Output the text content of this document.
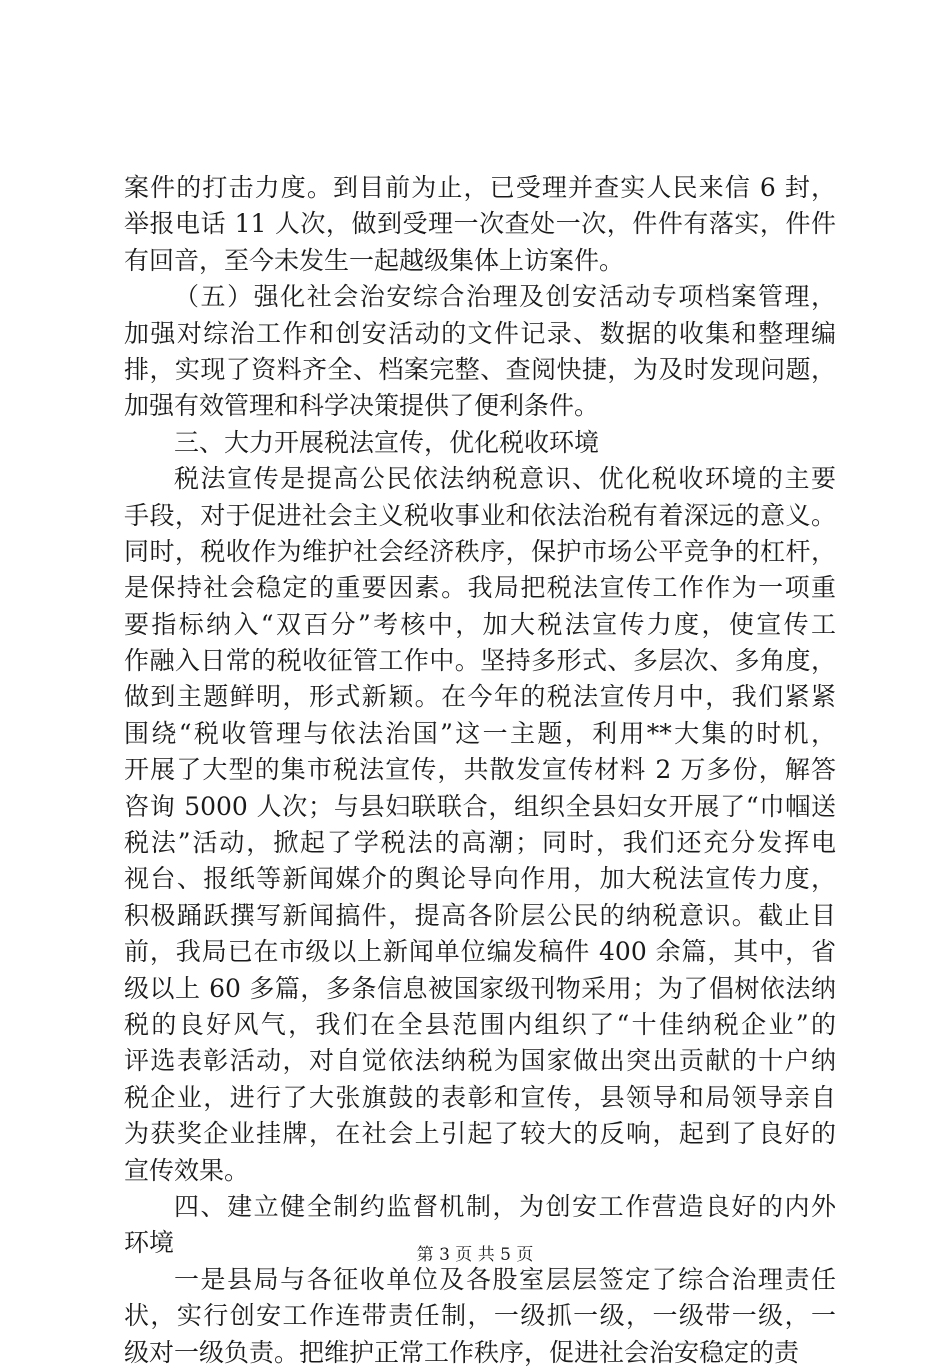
案件的打击力度。到目前为止，已受理并查实人民来信 6 封，
举报电话 11 人次，做到受理一次查处一次，件件有落实，件件
有回音，至今未发生一起越级集体上访案件。
（五）强化社会治安综合治理及创安活动专项档案管理，
加强对综治工作和创安活动的文件记录、数据的收集和整理编
排，实现了资料齐全、档案完整、查阅快捷，为及时发现问题，
加强有效管理和科学决策提供了便利条件。
三、大力开展税法宣传，优化税收环境
税法宣传是提高公民依法纳税意识、优化税收环境的主要
手段，对于促进社会主义税收事业和依法治税有着深远的意义。
同时，税收作为维护社会经济秩序，保护市场公平竞争的杠杆，
是保持社会稳定的重要因素。我局把税法宣传工作作为一项重
要指标纳入“双百分”考核中，加大税法宣传力度，使宣传工
作融入日常的税收征管工作中。坚持多形式、多层次、多角度，
做到主题鲜明，形式新颖。在今年的税法宣传月中，我们紧紧
围绕“税收管理与依法治国”这一主题，利用**大集的时机，
开展了大型的集市税法宣传，共散发宣传材料 2 万多份，解答
咨询 5000 人次；与县妇联联合，组织全县妇女开展了“巾帼送
税法”活动，掀起了学税法的高潮；同时，我们还充分发挥电
视台、报纸等新闻媒介的舆论导向作用，加大税法宣传力度，
积极踊跃撰写新闻搞件，提高各阶层公民的纳税意识。截止目
前，我局已在市级以上新闻单位编发稿件 400 余篇，其中，省
级以上 60 多篇，多条信息被国家级刊物采用；为了倡树依法纳
税的良好风气，我们在全县范围内组织了“十佳纳税企业”的
评选表彰活动，对自觉依法纳税为国家做出突出贡献的十户纳
税企业，进行了大张旗鼓的表彰和宣传，县领导和局领导亲自
为获奖企业挂牌，在社会上引起了较大的反响，起到了良好的
宣传效果。
四、建立健全制约监督机制，为创安工作营造良好的内外
环境
一是县局与各征收单位及各股室层层签定了综合治理责任
状，实行创安工作连带责任制，一级抓一级，一级带一级，一
级对一级负责。把维护正常工作秩序，促进社会治安稳定的责
第 3 页 共 5 页
